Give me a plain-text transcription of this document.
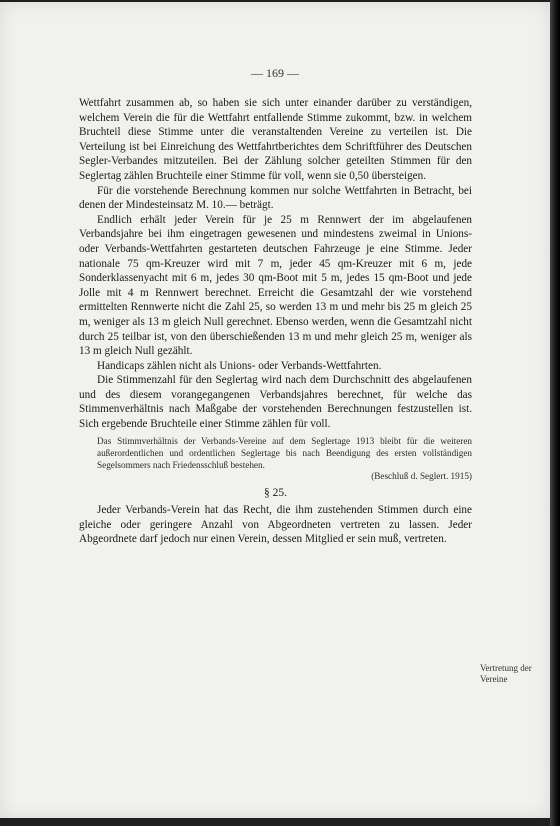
— 169 —

Wettfahrt zusammen ab, so haben sie sich unter einander darüber zu verständigen, welchem Verein die für die Wettfahrt entfallende Stimme zukommt, bzw. in welchem Bruchteil diese Stimme unter die veranstaltenden Vereine zu verteilen ist. Die Verteilung ist bei Einreichung des Wettfahrtberichtes dem Schriftführer des Deutschen Segler-Verbandes mitzuteilen. Bei der Zählung solcher geteilten Stimmen für den Seglertag zählen Bruchteile einer Stimme für voll, wenn sie 0,50 übersteigen.

Für die vorstehende Berechnung kommen nur solche Wettfahrten in Betracht, bei denen der Mindesteinsatz M. 10.— beträgt.

Endlich erhält jeder Verein für je 25 m Rennwert der im abgelaufenen Verbandsjahre bei ihm eingetragen gewesenen und mindestens zweimal in Unions- oder Verbands-Wettfahrten gestarteten deutschen Fahrzeuge je eine Stimme. Jeder nationale 75 qm-Kreuzer wird mit 7 m, jeder 45 qm-Kreuzer mit 6 m, jede Sonderklassenyacht mit 6 m, jedes 30 qm-Boot mit 5 m, jedes 15 qm-Boot und jede Jolle mit 4 m Rennwert berechnet. Erreicht die Gesamtzahl der wie vorstehend ermittelten Rennwerte nicht die Zahl 25, so werden 13 m und mehr bis 25 m gleich 25 m, weniger als 13 m gleich Null gerechnet. Ebenso werden, wenn die Gesamtzahl nicht durch 25 teilbar ist, von den überschießenden 13 m und mehr gleich 25 m, weniger als 13 m gleich Null gezählt.

Handicaps zählen nicht als Unions- oder Verbands-Wettfahrten.

Die Stimmenzahl für den Seglertag wird nach dem Durchschnitt des abgelaufenen und des diesem vorangegangenen Verbandsjahres berechnet, für welche das Stimmenverhältnis nach Maßgabe der vorstehenden Berechnungen festzustellen ist. Sich ergebende Bruchteile einer Stimme zählen für voll.

Das Stimmverhältnis der Verbands-Vereine auf dem Seglertage 1913 bleibt für die weiteren außerordentlichen und ordentlichen Seglertage bis nach Beendigung des ersten vollständigen Segelsommers nach Friedensschluß bestehen.
(Beschluß d. Seglert. 1915)
§ 25.

Jeder Verbands-Verein hat das Recht, die ihm zustehenden Stimmen durch eine gleiche oder geringere Anzahl von Abgeordneten vertreten zu lassen. Jeder Abgeordnete darf jedoch nur einen Verein, dessen Mitglied er sein muß, vertreten.

Vertretung der Vereine
